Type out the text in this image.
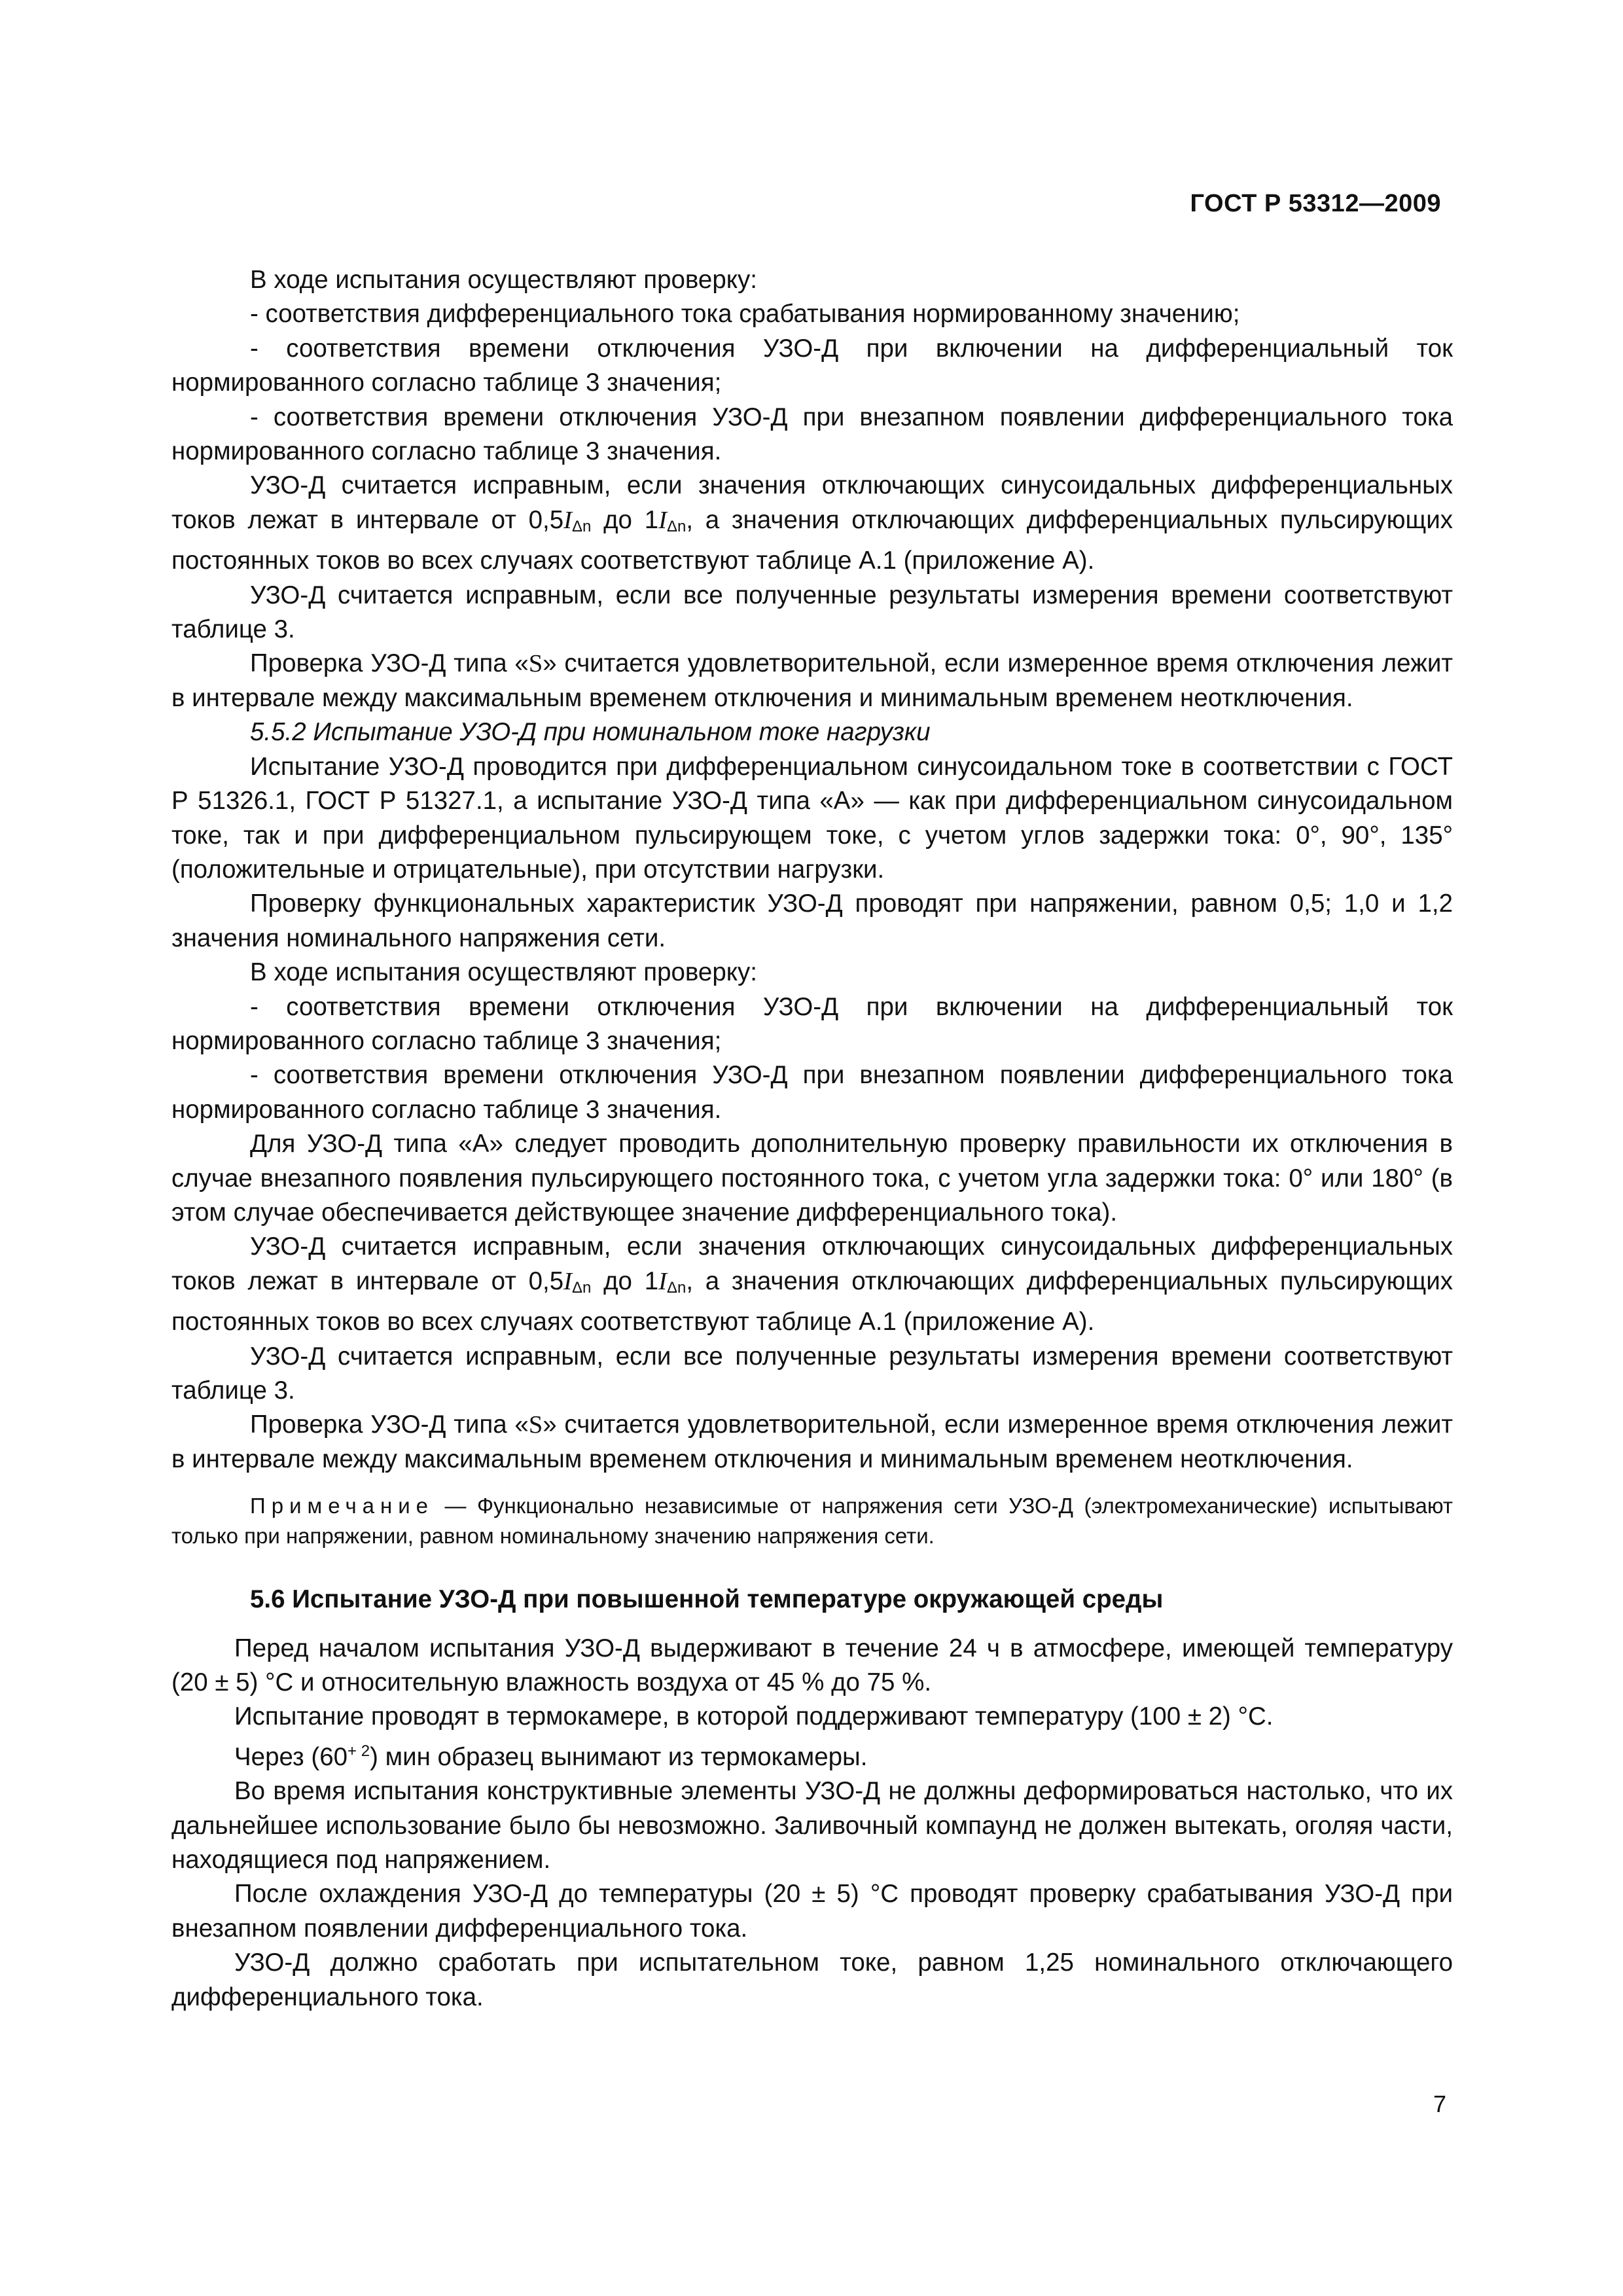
ГОСТ Р 53312—2009

В ходе испытания осуществляют проверку:

- соответствия дифференциального тока срабатывания нормированному значению;

- соответствия времени отключения УЗО-Д при включении на дифференциальный ток нормированного согласно таблице 3 значения;

- соответствия времени отключения УЗО-Д при внезапном появлении дифференциального тока нормированного согласно таблице 3 значения.

УЗО-Д считается исправным, если значения отключающих синусоидальных дифференциальных токов лежат в интервале от $0,5I_{\Delta n}$ до $1I_{\Delta n}$, а значения отключающих дифференциальных пульсирующих постоянных токов во всех случаях соответствуют таблице А.1 (приложение А).

УЗО-Д считается исправным, если все полученные результаты измерения времени соответствуют таблице 3.

Проверка УЗО-Д типа «S» считается удовлетворительной, если измеренное время отключения лежит в интервале между максимальным временем отключения и минимальным временем неотключения.

5.5.2 Испытание УЗО-Д при номинальном токе нагрузки

Испытание УЗО-Д проводится при дифференциальном синусоидальном токе в соответствии с ГОСТ Р 51326.1, ГОСТ Р 51327.1, а испытание УЗО-Д типа «А» — как при дифференциальном синусоидальном токе, так и при дифференциальном пульсирующем токе, с учетом углов задержки тока: 0°, 90°, 135° (положительные и отрицательные), при отсутствии нагрузки.

Проверку функциональных характеристик УЗО-Д проводят при напряжении, равном 0,5; 1,0 и 1,2 значения номинального напряжения сети.

В ходе испытания осуществляют проверку:

- соответствия времени отключения УЗО-Д при включении на дифференциальный ток нормированного согласно таблице 3 значения;

- соответствия времени отключения УЗО-Д при внезапном появлении дифференциального тока нормированного согласно таблице 3 значения.

Для УЗО-Д типа «А» следует проводить дополнительную проверку правильности их отключения в случае внезапного появления пульсирующего постоянного тока, с учетом угла задержки тока: 0° или 180° (в этом случае обеспечивается действующее значение дифференциального тока).

УЗО-Д считается исправным, если значения отключающих синусоидальных дифференциальных токов лежат в интервале от $0,5I_{\Delta n}$ до $1I_{\Delta n}$, а значения отключающих дифференциальных пульсирующих постоянных токов во всех случаях соответствуют таблице А.1 (приложение А).

УЗО-Д считается исправным, если все полученные результаты измерения времени соответствуют таблице 3.

Проверка УЗО-Д типа «S» считается удовлетворительной, если измеренное время отключения лежит в интервале между максимальным временем отключения и минимальным временем неотключения.

Примечание — Функционально независимые от напряжения сети УЗО-Д (электромеханические) испытывают только при напряжении, равном номинальному значению напряжения сети.

5.6 Испытание УЗО-Д при повышенной температуре окружающей среды

Перед началом испытания УЗО-Д выдерживают в течение 24 ч в атмосфере, имеющей температуру (20 ± 5) °С и относительную влажность воздуха от 45 % до 75 %.

Испытание проводят в термокамере, в которой поддерживают температуру (100 ± 2) °С.

Через $(60^{+ 2})$ мин образец вынимают из термокамеры.

Во время испытания конструктивные элементы УЗО-Д не должны деформироваться настолько, что их дальнейшее использование было бы невозможно. Заливочный компаунд не должен вытекать, оголяя части, находящиеся под напряжением.

После охлаждения УЗО-Д до температуры (20 ± 5) °С проводят проверку срабатывания УЗО-Д при внезапном появлении дифференциального тока.

УЗО-Д должно сработать при испытательном токе, равном 1,25 номинального отключающего дифференциального тока.

7
